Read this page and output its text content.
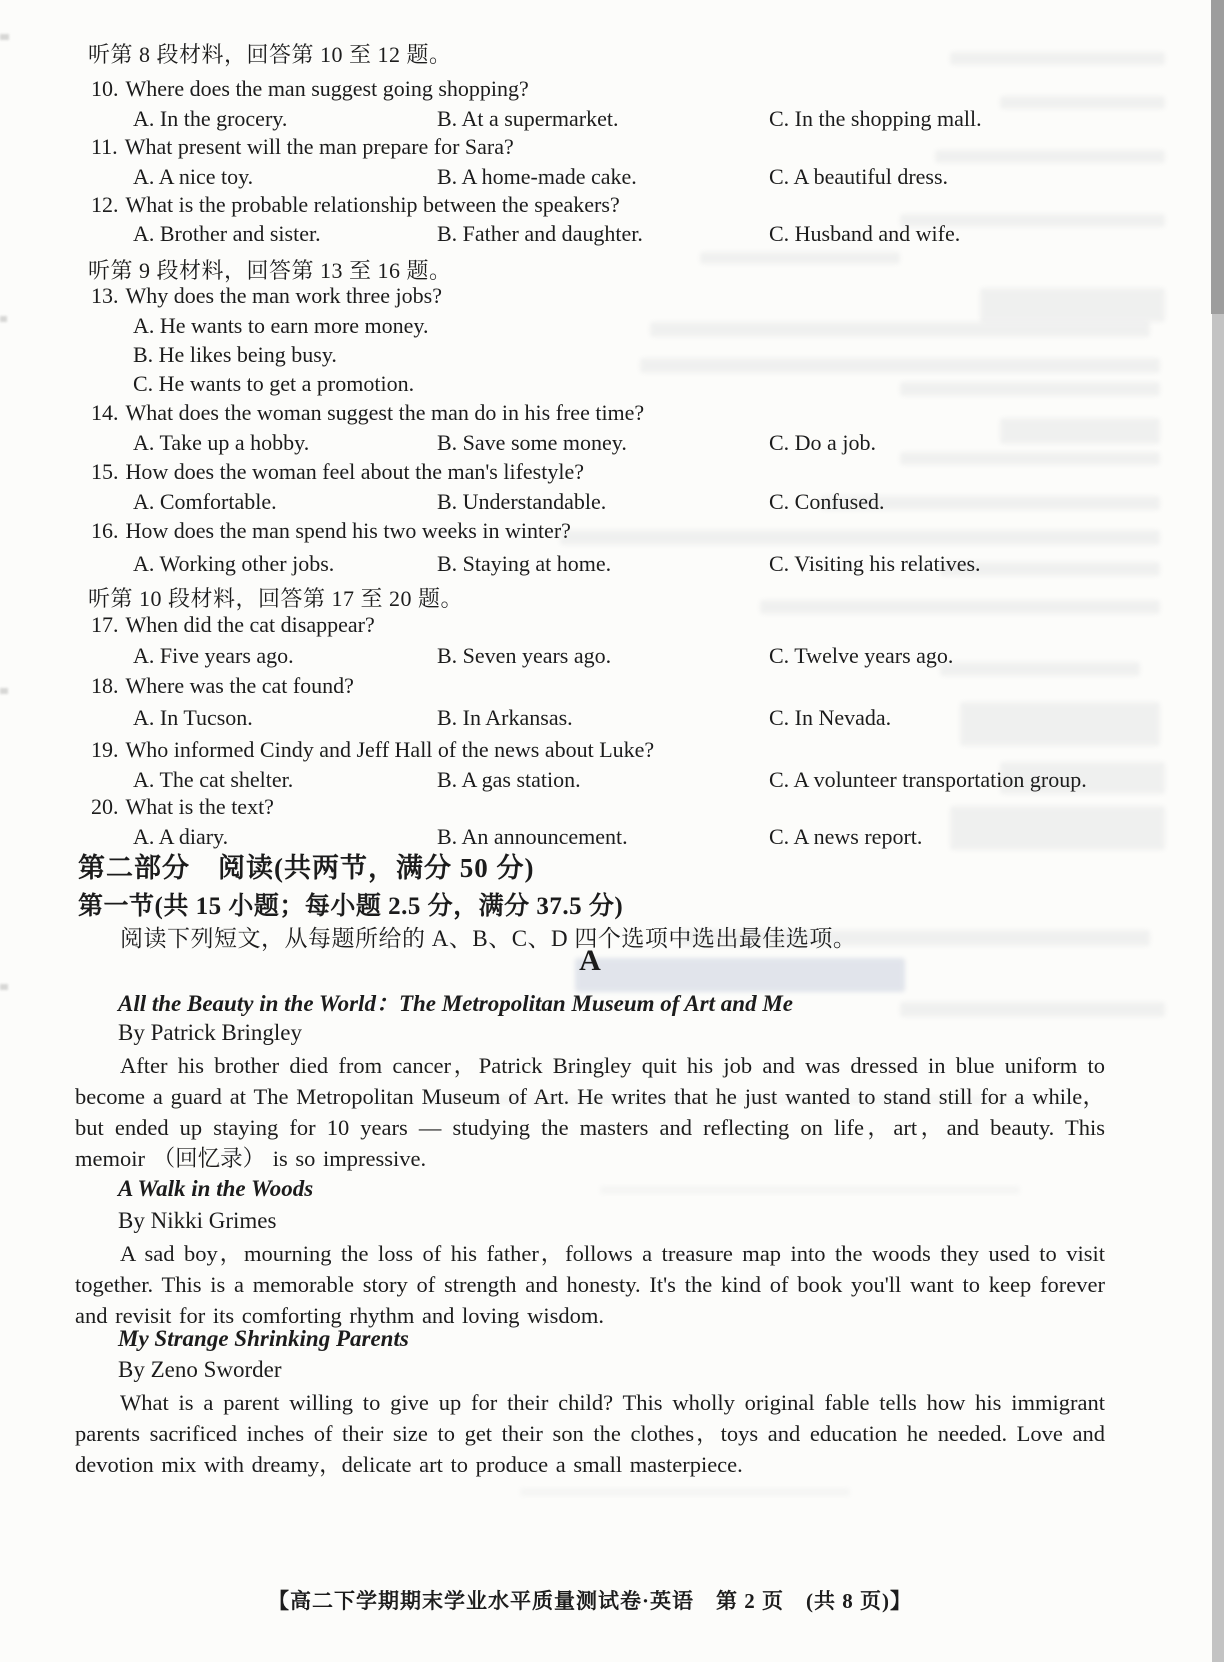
听第 8 段材料，回答第 10 至 12 题。
10. Where does the man suggest going shopping?
A. In the grocery.	B. At a supermarket.	C. In the shopping mall.
11. What present will the man prepare for Sara?
A. A nice toy.	B. A home-made cake.	C. A beautiful dress.
12. What is the probable relationship between the speakers?
A. Brother and sister.	B. Father and daughter.	C. Husband and wife.
听第 9 段材料，回答第 13 至 16 题。
13. Why does the man work three jobs?
A. He wants to earn more money.
B. He likes being busy.
C. He wants to get a promotion.
14. What does the woman suggest the man do in his free time?
A. Take up a hobby.	B. Save some money.	C. Do a job.
15. How does the woman feel about the man's lifestyle?
A. Comfortable.	B. Understandable.	C. Confused.
16. How does the man spend his two weeks in winter?
A. Working other jobs.	B. Staying at home.	C. Visiting his relatives.
听第 10 段材料，回答第 17 至 20 题。
17. When did the cat disappear?
A. Five years ago.	B. Seven years ago.	C. Twelve years ago.
18. Where was the cat found?
A. In Tucson.	B. In Arkansas.	C. In Nevada.
19. Who informed Cindy and Jeff Hall of the news about Luke?
A. The cat shelter.	B. A gas station.	C. A volunteer transportation group.
20. What is the text?
A. A diary.	B. An announcement.	C. A news report.
第二部分　阅读(共两节，满分 50 分)
第一节(共 15 小题；每小题 2.5 分，满分 37.5 分)
阅读下列短文，从每题所给的 A、B、C、D 四个选项中选出最佳选项。
A
All the Beauty in the World：The Metropolitan Museum of Art and Me
By Patrick Bringley
After his brother died from cancer，Patrick Bringley quit his job and was dressed in blue uniform to become a guard at The Metropolitan Museum of Art. He writes that he just wanted to stand still for a while，but ended up staying for 10 years — studying the masters and reflecting on life，art，and beauty. This memoir （回忆录） is so impressive.
A Walk in the Woods
By Nikki Grimes
A sad boy，mourning the loss of his father，follows a treasure map into the woods they used to visit together. This is a memorable story of strength and honesty. It's the kind of book you'll want to keep forever and revisit for its comforting rhythm and loving wisdom.
My Strange Shrinking Parents
By Zeno Sworder
What is a parent willing to give up for their child? This wholly original fable tells how his immigrant parents sacrificed inches of their size to get their son the clothes，toys and education he needed. Love and devotion mix with dreamy，delicate art to produce a small masterpiece.
【高二下学期期末学业水平质量测试卷·英语　第 2 页　(共 8 页)】
